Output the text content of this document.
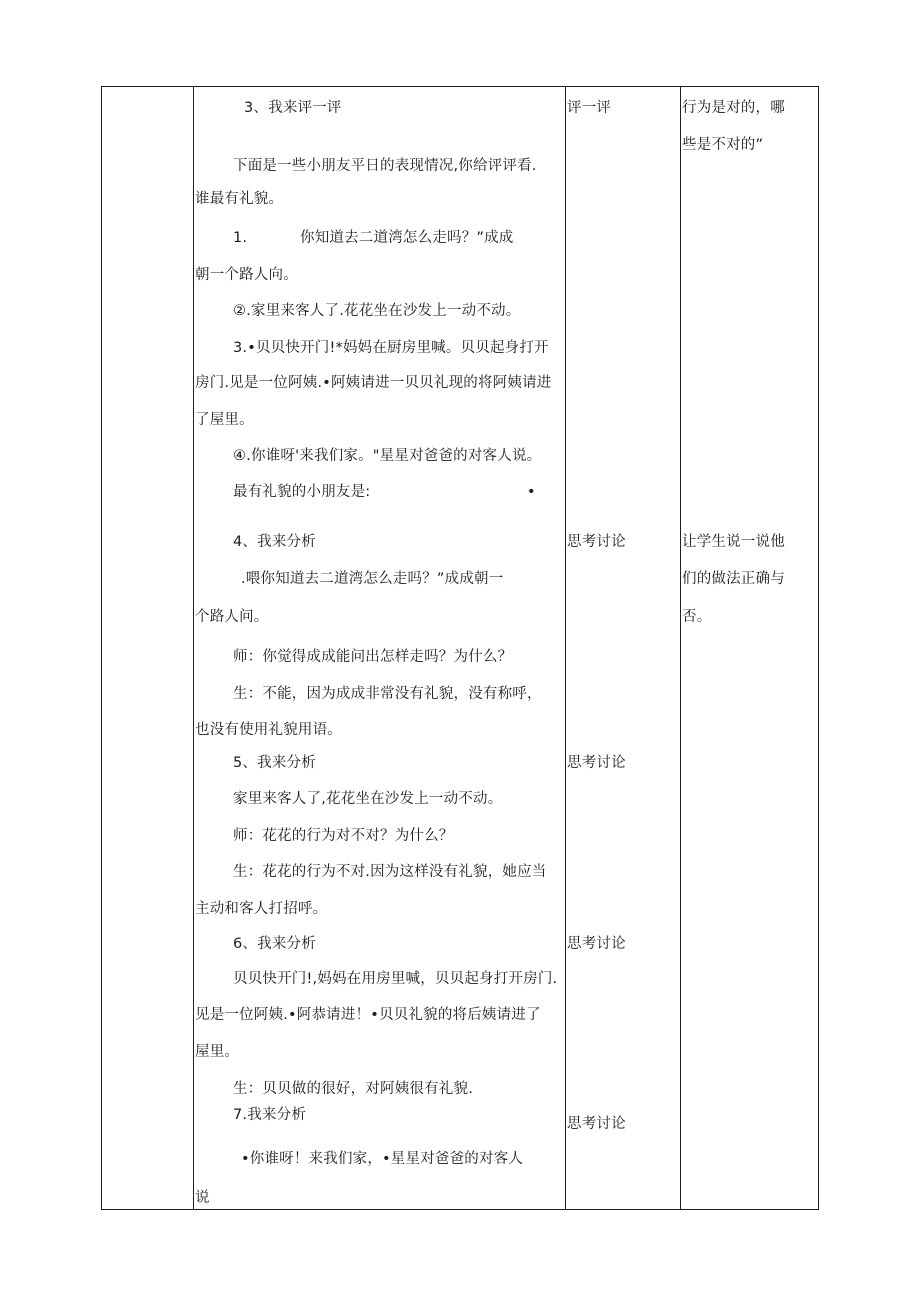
3、我来评一评
下面是一些小朋友平日的表现情况,你给评评看.
谁最有礼貌。
1.	你知道去二道湾怎么走吗？”成成
朝一个路人向。
②.家里来客人了.花花坐在沙发上一动不动。
3.•贝贝快开门!*妈妈在厨房里喊。贝贝起身打开
房门.见是一位阿姨.•阿姨请进一贝贝礼现的将阿姨请进
了屋里。
④.你谁呀'来我们家。"星星对爸爸的对客人说。
最有礼貌的小朋友是:	•
4、我来分析
.喂你知道去二道湾怎么走吗？”成成朝一
个路人问。
师：你觉得成成能问出怎样走吗？为什么？
生：不能，因为成成非常没有礼貌，没有称呼，
也没有使用礼貌用语。
5、我来分析
家里来客人了,花花坐在沙发上一动不动。
师：花花的行为对不对？为什么？
生：花花的行为不对.因为这样没有礼貌，她应当
主动和客人打招呼。
6、我来分析
贝贝快开门!,妈妈在用房里喊，贝贝起身打开房门.
见是一位阿姨.•阿恭请进！•贝贝礼貌的将后姨请进了
屋里。
生：贝贝做的很好，对阿姨很有礼貌.
7.我来分析
•你谁呀！来我们家，•星星对爸爸的对客人
说
评一评
思考讨论
思考讨论
思考讨论
思考讨论
行为是对的，哪
些是不对的”
让学生说一说他
们的做法正确与
否。
